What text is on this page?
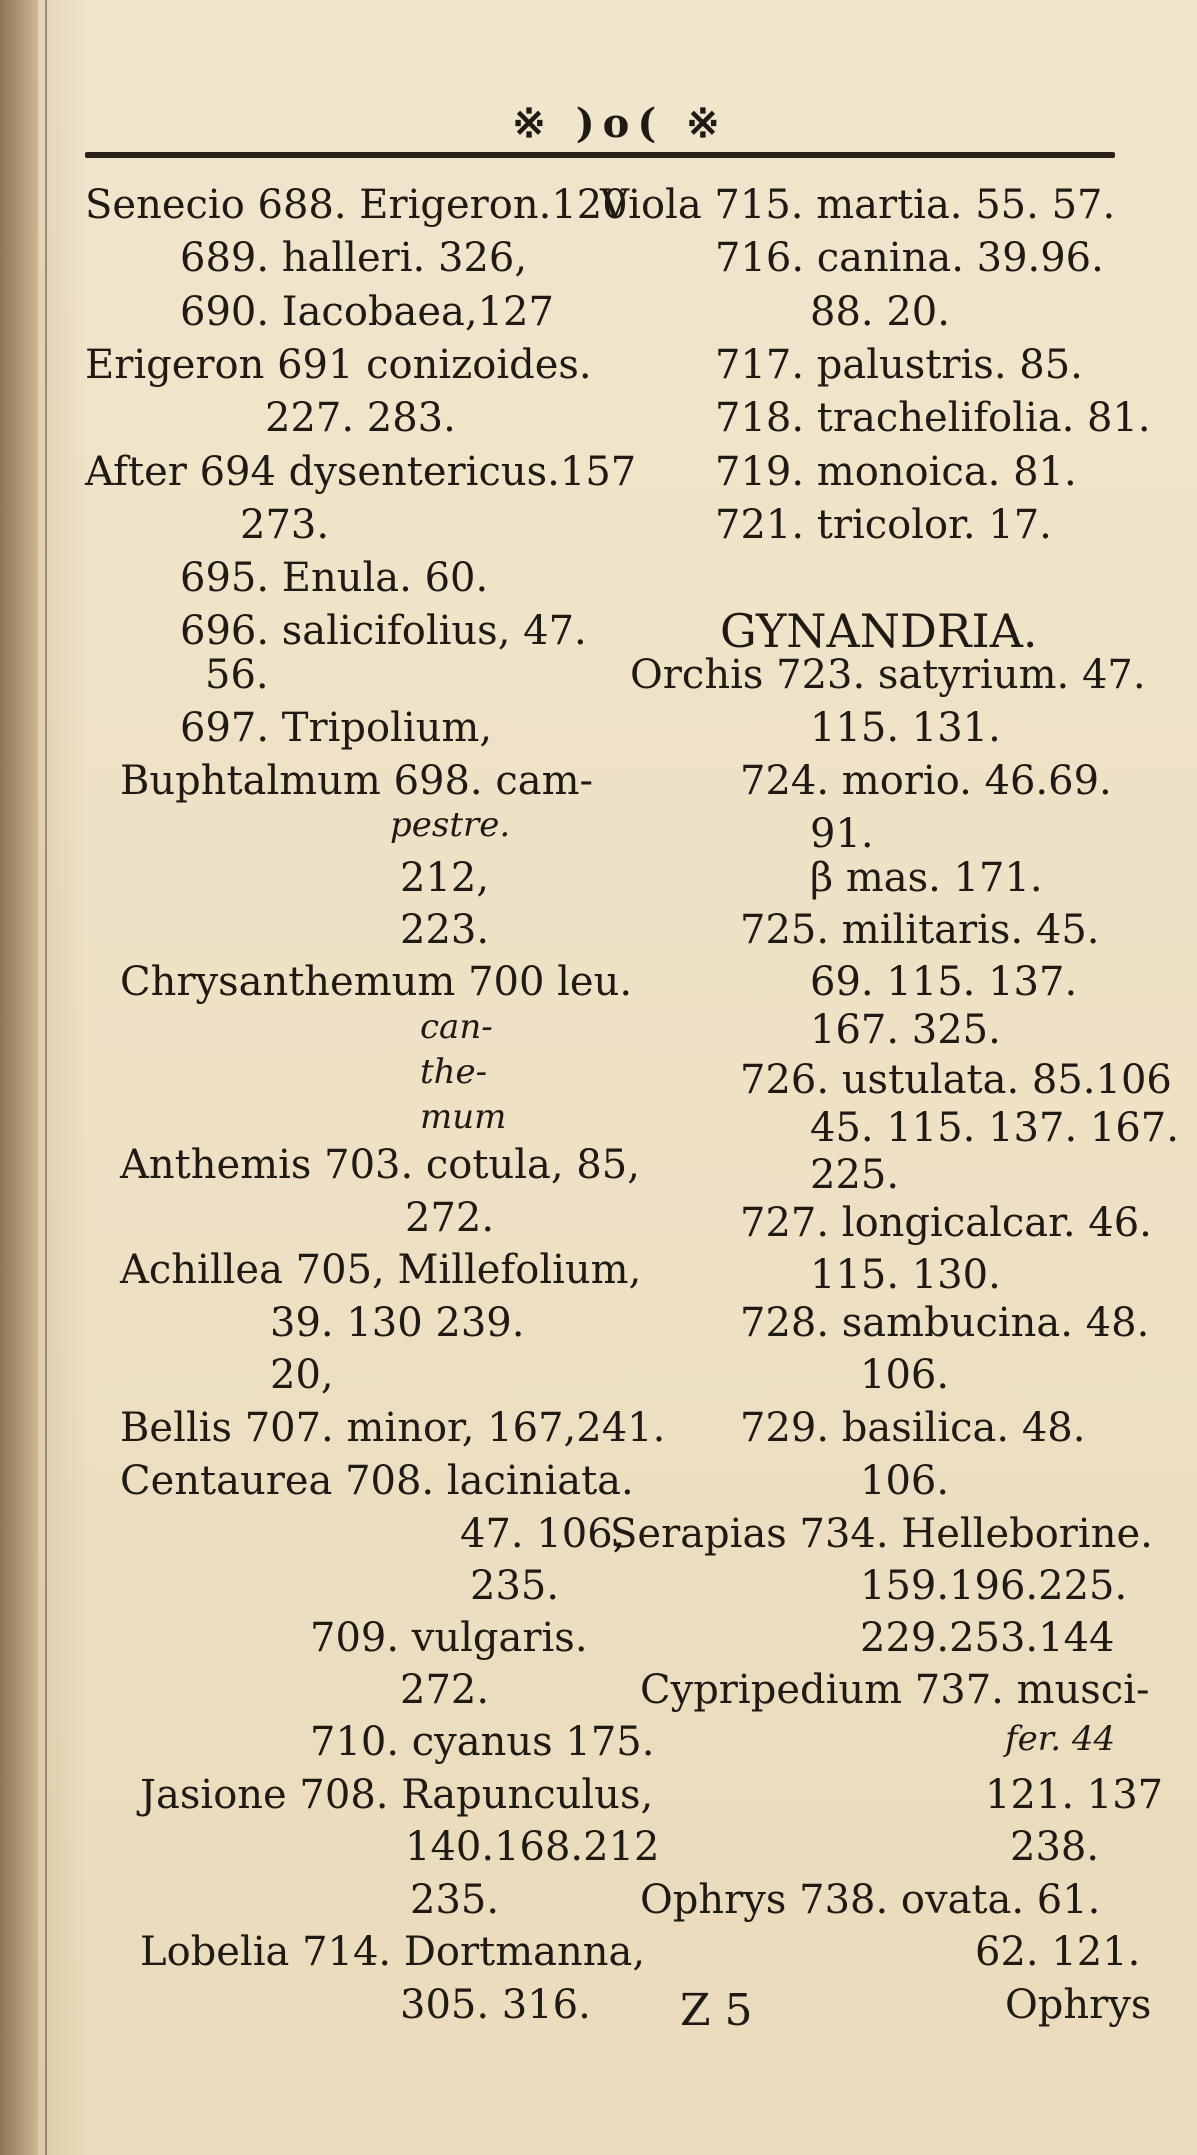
※ )o( ※
Senecio 688. Erigeron.120
689. halleri. 326,
690. Iacobaea,127
Erigeron 691 conizoides.
227. 283.
After 694 dysentericus.157
273.
695. Enula. 60.
696. salicifolius, 47.
56.
697. Tripolium,
Buphtalmum 698. cam-
pestre.
212,
223.
Chrysanthemum 700 leu.
can-
the-
mum
Anthemis 703. cotula, 85,
272.
Achillea 705, Millefolium,
39. 130 239.
20,
Bellis 707. minor, 167,241.
Centaurea 708. laciniata.
47. 106,
235.
709. vulgaris.
272.
710. cyanus 175.
Jasione 708. Rapunculus,
140.168.212
235.
Lobelia 714. Dortmanna,
305. 316.
Viola 715. martia. 55. 57.
716. canina. 39.96.
88. 20.
717. palustris. 85.
718. trachelifolia. 81.
719. monoica. 81.
721. tricolor. 17.
GYNANDRIA.
Orchis 723. satyrium. 47.
115. 131.
724. morio. 46.69.
91.
β mas. 171.
725. militaris. 45.
69. 115. 137.
167. 325.
726. ustulata. 85.106
45. 115. 137. 167.
225.
727. longicalcar. 46.
115. 130.
728. sambucina. 48.
106.
729. basilica. 48.
106.
Serapias 734. Helleborine.
159.196.225.
229.253.144
Cypripedium 737. musci-
fer. 44
121. 137
238.
Ophrys 738. ovata. 61.
62. 121.
Ophrys
Z 5
